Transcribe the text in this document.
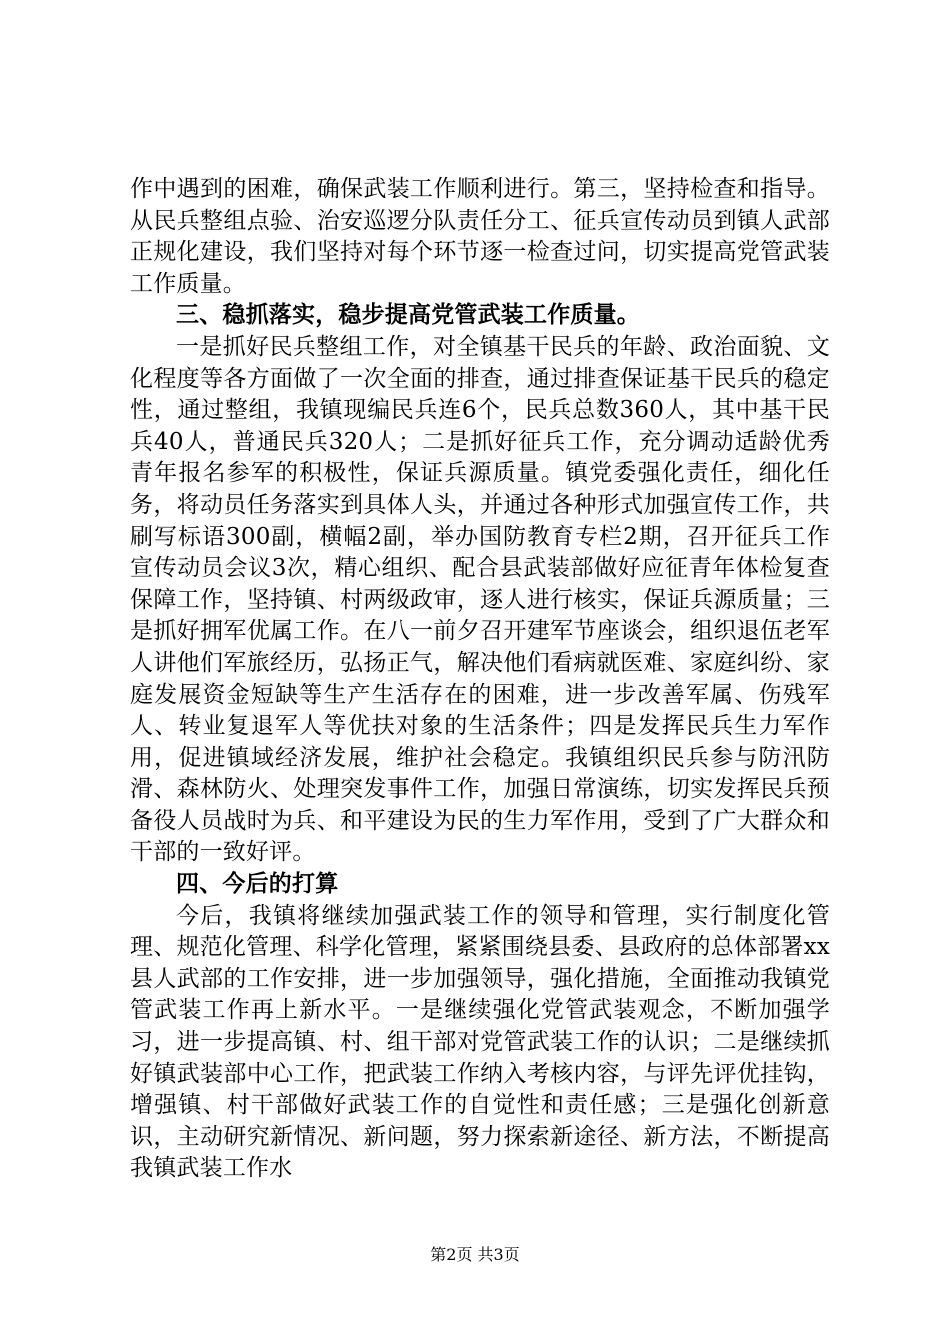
作中遇到的困难，确保武装工作顺利进行。第三，坚持检查和指导。从民兵整组点验、治安巡逻分队责任分工、征兵宣传动员到镇人武部正规化建设，我们坚持对每个环节逐一检查过问，切实提高党管武装工作质量。

三、稳抓落实，稳步提高党管武装工作质量。

一是抓好民兵整组工作，对全镇基干民兵的年龄、政治面貌、文化程度等各方面做了一次全面的排查，通过排查保证基干民兵的稳定性，通过整组，我镇现编民兵连6个，民兵总数360人，其中基干民兵40人，普通民兵320人；二是抓好征兵工作，充分调动适龄优秀青年报名参军的积极性，保证兵源质量。镇党委强化责任，细化任务，将动员任务落实到具体人头，并通过各种形式加强宣传工作，共刷写标语300副，横幅2副，举办国防教育专栏2期，召开征兵工作宣传动员会议3次，精心组织、配合县武装部做好应征青年体检复查保障工作，坚持镇、村两级政审，逐人进行核实，保证兵源质量；三是抓好拥军优属工作。在八一前夕召开建军节座谈会，组织退伍老军人讲他们军旅经历，弘扬正气，解决他们看病就医难、家庭纠纷、家庭发展资金短缺等生产生活存在的困难，进一步改善军属、伤残军人、转业复退军人等优扶对象的生活条件；四是发挥民兵生力军作用，促进镇域经济发展，维护社会稳定。我镇组织民兵参与防汛防滑、森林防火、处理突发事件工作，加强日常演练，切实发挥民兵预备役人员战时为兵、和平建设为民的生力军作用，受到了广大群众和干部的一致好评。

四、今后的打算

今后，我镇将继续加强武装工作的领导和管理，实行制度化管理、规范化管理、科学化管理，紧紧围绕县委、县政府的总体部署xx县人武部的工作安排，进一步加强领导，强化措施，全面推动我镇党管武装工作再上新水平。一是继续强化党管武装观念，不断加强学习，进一步提高镇、村、组干部对党管武装工作的认识；二是继续抓好镇武装部中心工作，把武装工作纳入考核内容，与评先评优挂钩，增强镇、村干部做好武装工作的自觉性和责任感；三是强化创新意识，主动研究新情况、新问题，努力探索新途径、新方法，不断提高我镇武装工作水

第2页 共3页
